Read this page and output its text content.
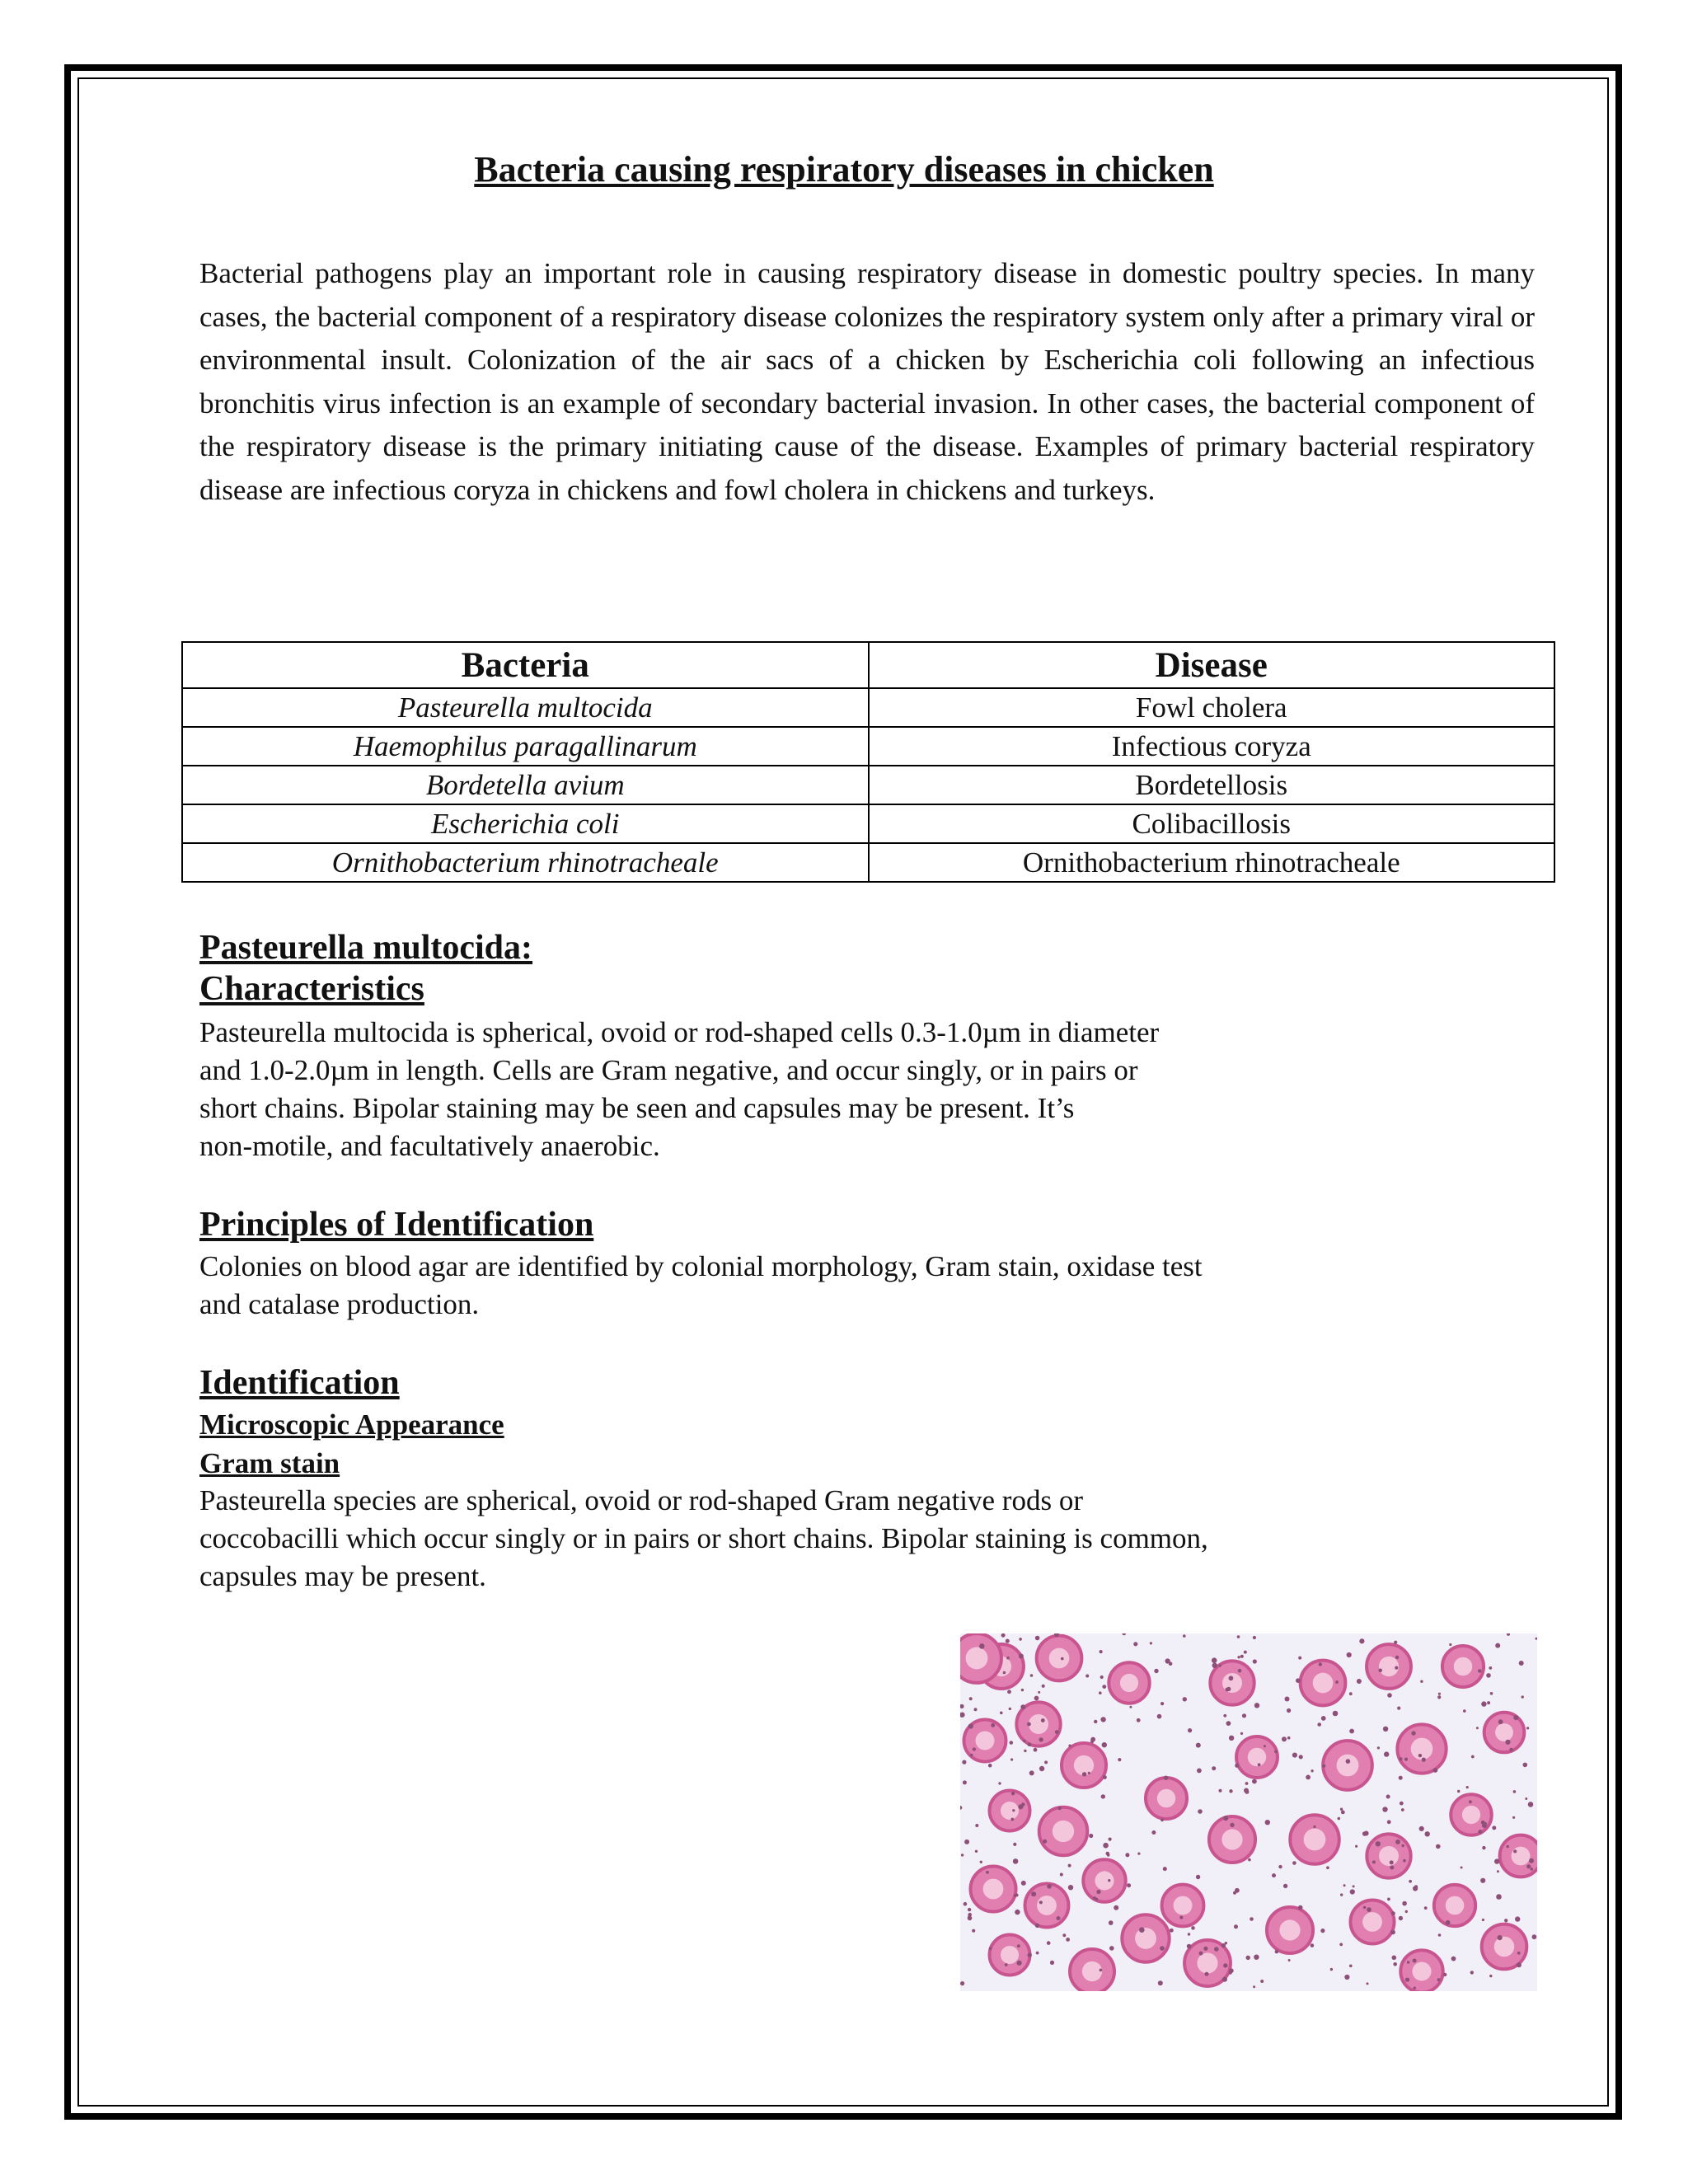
Bacteria causing respiratory diseases in chicken

Bacterial pathogens play an important role in causing respiratory disease in domestic poultry species. In many cases, the bacterial component of a respiratory disease colonizes the respiratory system only after a primary viral or environmental insult. Colonization of the air sacs of a chicken by Escherichia coli following an infectious bronchitis virus infection is an example of secondary bacterial invasion. In other cases, the bacterial component of the respiratory disease is the primary initiating cause of the disease. Examples of primary bacterial respiratory disease are infectious coryza in chickens and fowl cholera in chickens and turkeys.

Bacteria	Disease
Pasteurella multocida	Fowl cholera
Haemophilus paragallinarum	Infectious coryza
Bordetella avium	Bordetellosis
Escherichia coli	Colibacillosis
Ornithobacterium rhinotracheale	Ornithobacterium rhinotracheale
Pasteurella multocida:
Characteristics

Pasteurella multocida is spherical, ovoid or rod-shaped cells 0.3-1.0µm in diameter
and 1.0-2.0µm in length. Cells are Gram negative, and occur singly, or in pairs or
short chains. Bipolar staining may be seen and capsules may be present. It’s
non-motile, and facultatively anaerobic.

Principles of Identification

Colonies on blood agar are identified by colonial morphology, Gram stain, oxidase test
and catalase production.

Identification
Microscopic Appearance
Gram stain

Pasteurella species are spherical, ovoid or rod-shaped Gram negative rods or
coccobacilli which occur singly or in pairs or short chains. Bipolar staining is common,
capsules may be present.
